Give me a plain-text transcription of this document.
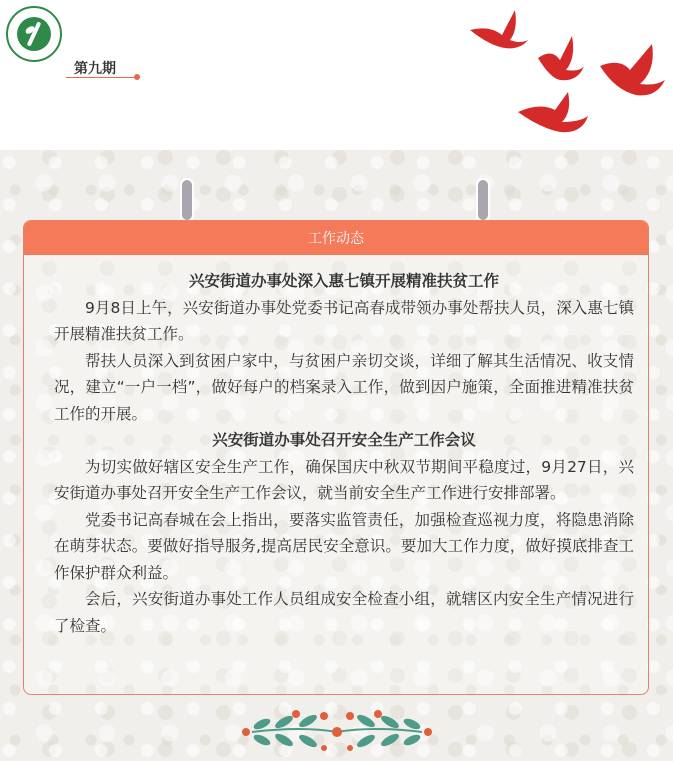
第九期
工作动态
兴安街道办事处深入惠七镇开展精准扶贫工作

9月8日上午，兴安街道办事处党委书记高春成带领办事处帮扶人员，深入惠七镇开展精准扶贫工作。

帮扶人员深入到贫困户家中，与贫困户亲切交谈，详细了解其生活情况、收支情况，建立“一户一档”，做好每户的档案录入工作，做到因户施策，全面推进精准扶贫工作的开展。

兴安街道办事处召开安全生产工作会议

为切实做好辖区安全生产工作，确保国庆中秋双节期间平稳度过，9月27日，兴安街道办事处召开安全生产工作会议，就当前安全生产工作进行安排部署。

党委书记高春城在会上指出，要落实监管责任，加强检查巡视力度，将隐患消除在萌芽状态。要做好指导服务,提高居民安全意识。要加大工作力度，做好摸底排查工作保护群众利益。

会后，兴安街道办事处工作人员组成安全检查小组，就辖区内安全生产情况进行了检查。
